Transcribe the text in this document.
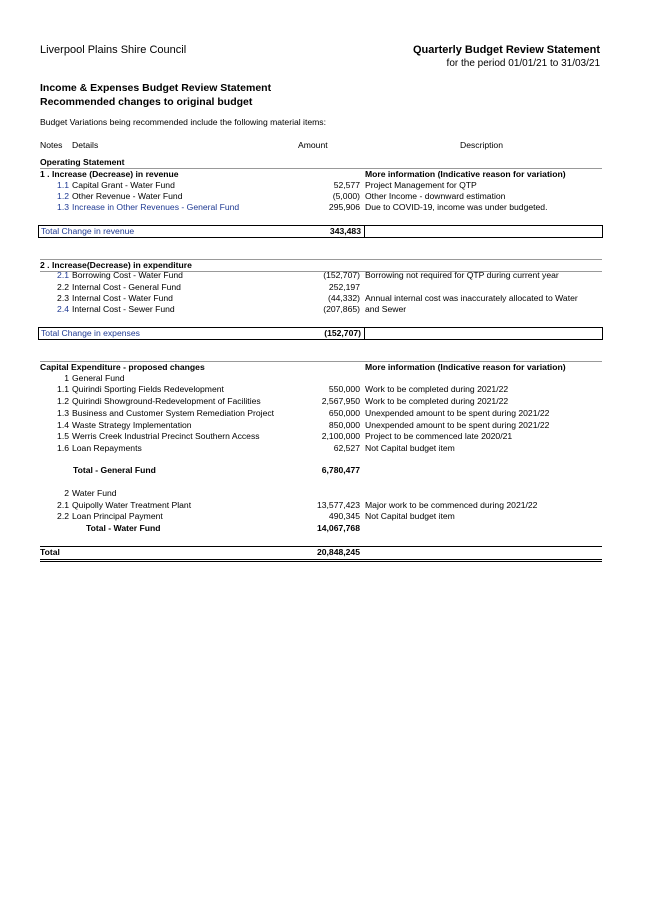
Liverpool Plains Shire Council	Quarterly Budget Review Statement
for the period 01/01/21 to 31/03/21
Income & Expenses Budget Review Statement
Recommended changes to original budget
Budget Variations being recommended include the following material items:
Notes Details	Amount	Description
Operating Statement
1 . Increase (Decrease) in revenue	More information (Indicative reason for variation)
1.1 Capital Grant - Water Fund	52,577 Project Management for QTP
1.2 Other Revenue - Water Fund	(5,000) Other Income - downward estimation
1.3 Increase in Other Revenues - General Fund	295,906 Due to COVID-19, income was under budgeted.
Total Change in revenue	343,483
2 . Increase(Decrease) in expenditure
2.1 Borrowing Cost - Water Fund	(152,707) Borrowing not required for QTP during current year
2.2 Internal Cost - General Fund	252,197
2.3 Internal Cost - Water Fund	(44,332) Annual internal cost was inaccurately allocated to Water
2.4 Internal Cost - Sewer Fund	(207,865) and Sewer
Total Change in expenses	(152,707)
Capital Expenditure - proposed changes	More information (Indicative reason for variation)
1 General Fund
1.1 Quirindi Sporting Fields Redevelopment	550,000 Work to be completed during 2021/22
1.2 Quirindi Showground-Redevelopment of Facilities	2,567,950 Work to be completed during 2021/22
1.3 Business and Customer System Remediation Project	650,000 Unexpended amount to be spent during 2021/22
1.4 Waste Strategy Implementation	850,000 Unexpended amount to be spent during 2021/22
1.5 Werris Creek Industrial Precinct Southern Access	2,100,000 Project to be commenced late 2020/21
1.6 Loan Repayments	62,527 Not Capital budget item
Total - General Fund	6,780,477
2 Water Fund
2.1 Quipolly Water Treatment Plant	13,577,423 Major work to be commenced during 2021/22
2.2 Loan Principal Payment	490,345 Not Capital budget item
Total - Water Fund	14,067,768
Total	20,848,245
